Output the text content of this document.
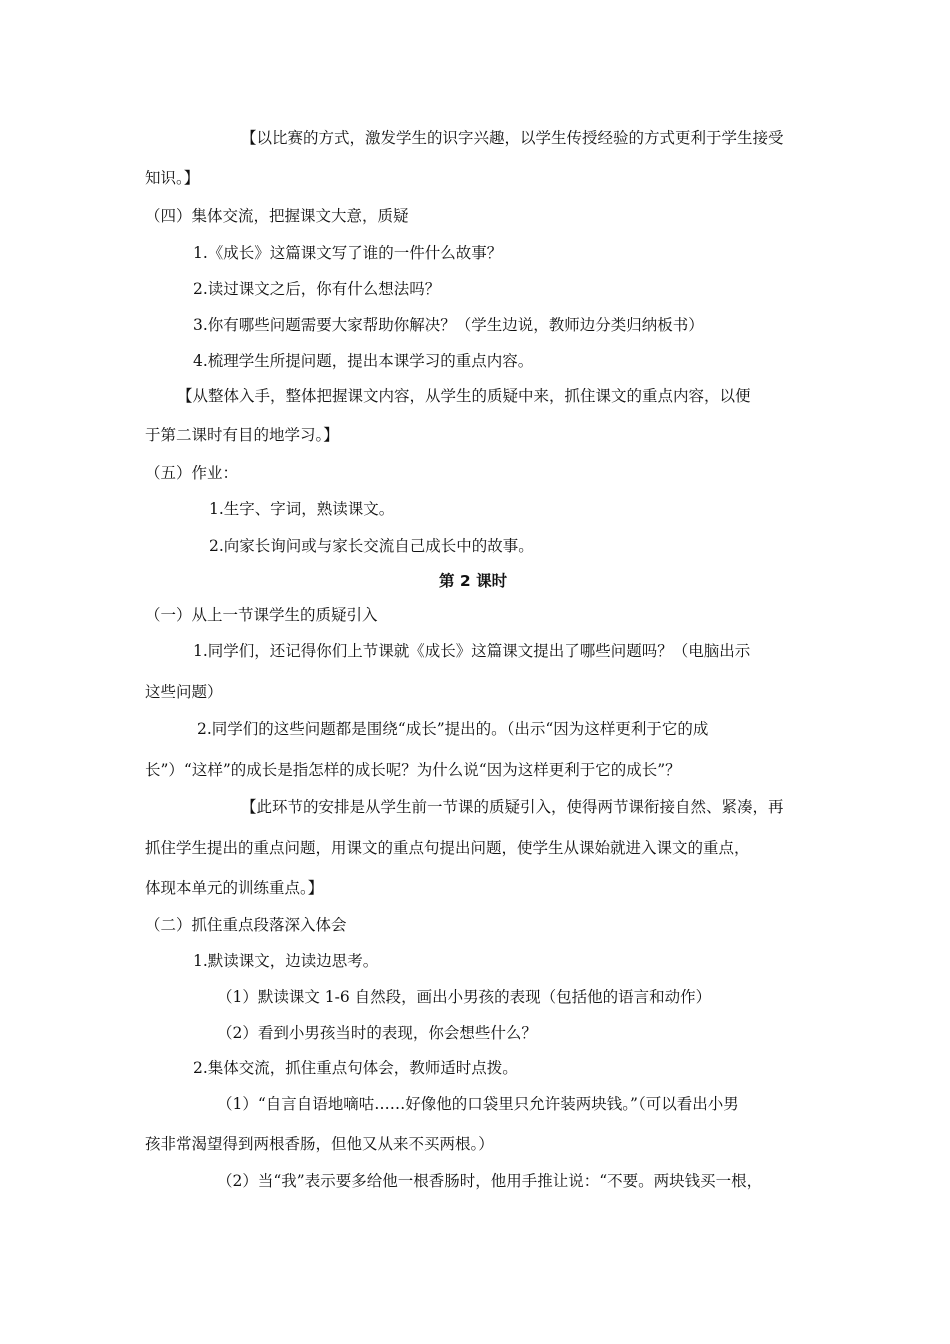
【以比赛的方式，激发学生的识字兴趣，以学生传授经验的方式更利于学生接受
知识。】
（四）集体交流，把握课文大意，质疑
1.《成长》这篇课文写了谁的一件什么故事？
2.读过课文之后，你有什么想法吗？
3.你有哪些问题需要大家帮助你解决？（学生边说，教师边分类归纳板书）
4.梳理学生所提问题，提出本课学习的重点内容。
【从整体入手，整体把握课文内容，从学生的质疑中来，抓住课文的重点内容，以便
于第二课时有目的地学习。】
（五）作业：
1.生字、字词，熟读课文。
2.向家长询问或与家长交流自己成长中的故事。
第 2 课时
（一）从上一节课学生的质疑引入
1.同学们，还记得你们上节课就《成长》这篇课文提出了哪些问题吗？（电脑出示
这些问题）
2.同学们的这些问题都是围绕“成长”提出的。（出示“因为这样更利于它的成
长”）“这样”的成长是指怎样的成长呢？为什么说“因为这样更利于它的成长”？
【此环节的安排是从学生前一节课的质疑引入，使得两节课衔接自然、紧凑，再
抓住学生提出的重点问题，用课文的重点句提出问题，使学生从课始就进入课文的重点，
体现本单元的训练重点。】
（二）抓住重点段落深入体会
1.默读课文，边读边思考。
（1）默读课文 1-6 自然段，画出小男孩的表现（包括他的语言和动作）
（2）看到小男孩当时的表现，你会想些什么？
2.集体交流，抓住重点句体会，教师适时点拨。
（1）“自言自语地嘀咕……好像他的口袋里只允许装两块钱。”（可以看出小男
孩非常渴望得到两根香肠，但他又从来不买两根。）
（2）当“我”表示要多给他一根香肠时，他用手推让说：“不要。两块钱买一根，
